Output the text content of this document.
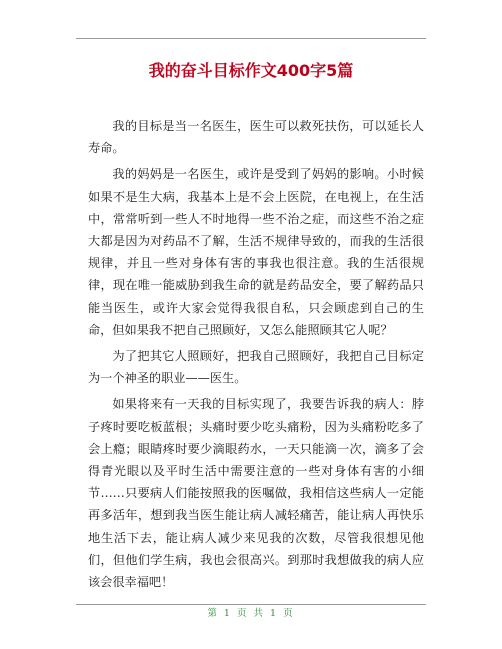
我的奋斗目标作文400字5篇

我的目标是当一名医生，医生可以救死扶伤，可以延长人寿命。

我的妈妈是一名医生，或许是受到了妈妈的影响。小时候如果不是生大病，我基本上是不会上医院，在电视上，在生活中，常常听到一些人不时地得一些不治之症，而这些不治之症大都是因为对药品不了解，生活不规律导致的，而我的生活很规律，并且一些对身体有害的事我也很注意。我的生活很规律，现在唯一能威胁到我生命的就是药品安全，要了解药品只能当医生，或许大家会觉得我很自私，只会顾虑到自己的生命，但如果我不把自己照顾好，又怎么能照顾其它人呢？

为了把其它人照顾好，把我自己照顾好，我把自己目标定为一个神圣的职业——医生。

如果将来有一天我的目标实现了，我要告诉我的病人：脖子疼时要吃板蓝根；头痛时要少吃头痛粉，因为头痛粉吃多了会上瘾；眼睛疼时要少滴眼药水，一天只能滴一次，滴多了会得青光眼以及平时生活中需要注意的一些对身体有害的小细节……只要病人们能按照我的医嘱做，我相信这些病人一定能再多活年，想到我当医生能让病人减轻痛苦，能让病人再快乐地生活下去，能让病人减少来见我的次数，尽管我很想见他们，但他们学生病，我也会很高兴。到那时我想做我的病人应该会很幸福吧！

第 1 页 共 1 页
